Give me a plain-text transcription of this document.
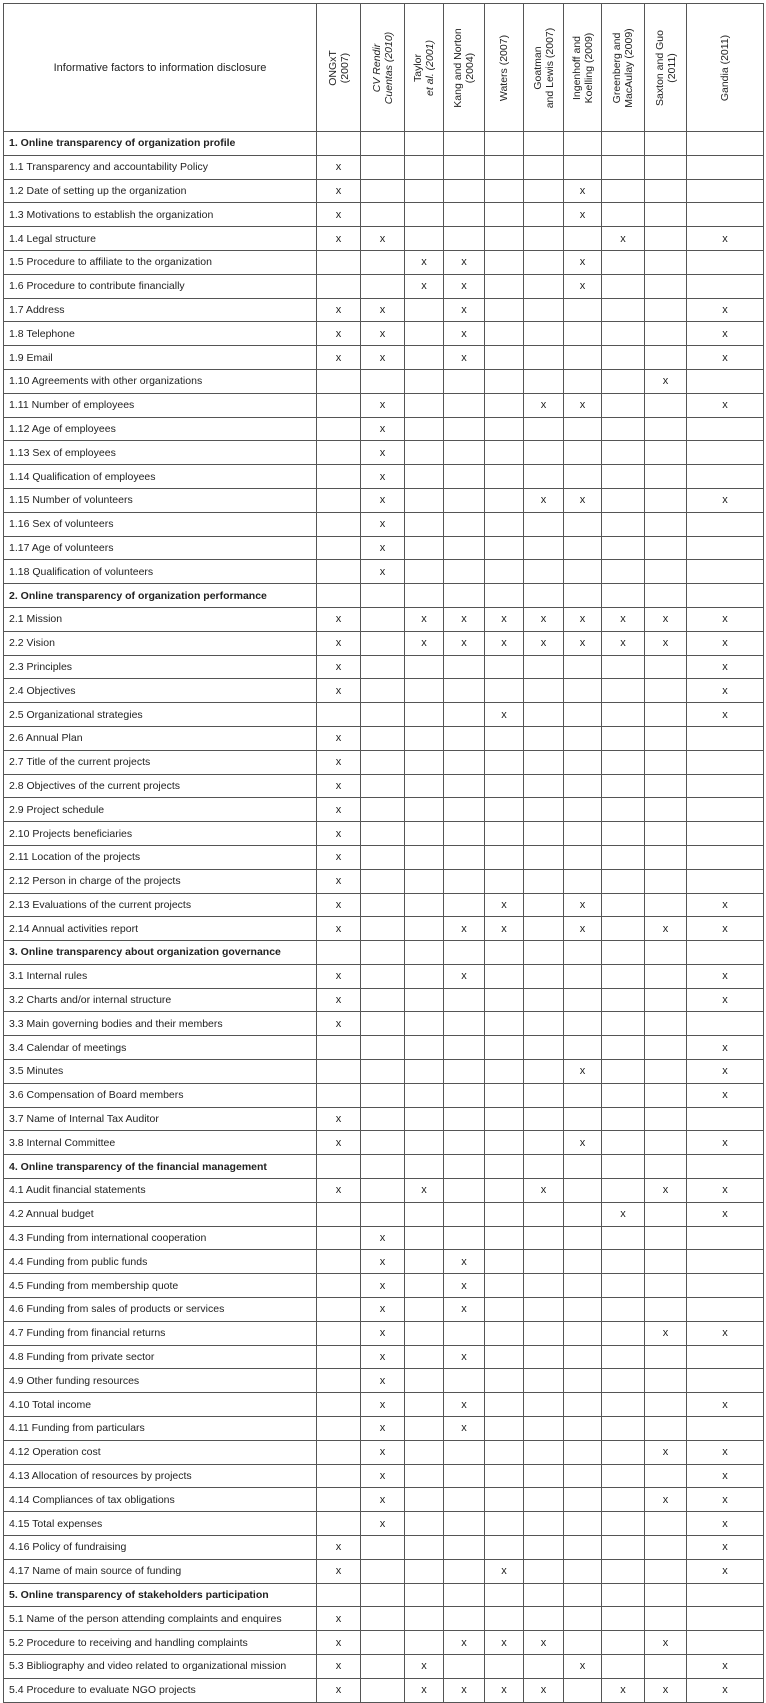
Informative factors to information disclosure	ONGxT (2007)	CV Rendir Cuentas (2010)	Taylor et al. (2001)	Kang and Norton (2004)	Waters (2007)	Goatman and Lewis (2007)	Ingenhoff and Koelling (2009)	Greenberg and MacAulay (2009)	Saxton and Guo (2011)	Gandia (2011)

1. Online transparency of organization profile										
1.1 Transparency and accountability Policy	x									
1.2 Date of setting up the organization	x						x			
1.3 Motivations to establish the organization	x						x			
1.4 Legal structure	x	x						x		x
1.5 Procedure to affiliate to the organization			x	x			x			
1.6 Procedure to contribute financially			x	x			x			
1.7 Address	x	x		x						x
1.8 Telephone	x	x		x						x
1.9 Email	x	x		x						x
1.10 Agreements with other organizations									x	
1.11 Number of employees		x				x	x			x
1.12 Age of employees		x								
1.13 Sex of employees		x								
1.14 Qualification of employees		x								
1.15 Number of volunteers		x				x	x			x
1.16 Sex of volunteers		x								
1.17 Age of volunteers		x								
1.18 Qualification of volunteers		x								
2. Online transparency of organization performance										
2.1 Mission	x		x	x	x	x	x	x	x	x
2.2 Vision	x		x	x	x	x	x	x	x	x
2.3 Principles	x									x
2.4 Objectives	x									x
2.5 Organizational strategies					x					x
2.6 Annual Plan	x									
2.7 Title of the current projects	x									
2.8 Objectives of the current projects	x									
2.9 Project schedule	x									
2.10 Projects beneficiaries	x									
2.11 Location of the projects	x									
2.12 Person in charge of the projects	x									
2.13 Evaluations of the current projects	x				x		x			x
2.14 Annual activities report	x			x	x		x		x	x
3. Online transparency about organization governance										
3.1 Internal rules	x			x						x
3.2 Charts and/or internal structure	x									x
3.3 Main governing bodies and their members	x									
3.4 Calendar of meetings										x
3.5 Minutes							x			x
3.6 Compensation of Board members										x
3.7 Name of Internal Tax Auditor	x									
3.8 Internal Committee	x						x			x
4. Online transparency of the financial management										
4.1 Audit financial statements	x		x			x			x	x
4.2 Annual budget								x		x
4.3 Funding from international cooperation		x								
4.4 Funding from public funds		x		x						
4.5 Funding from membership quote		x		x						
4.6 Funding from sales of products or services		x		x						
4.7 Funding from financial returns		x							x	x
4.8 Funding from private sector		x		x						
4.9 Other funding resources		x								
4.10 Total income		x		x						x
4.11 Funding from particulars		x		x						
4.12 Operation cost		x							x	x
4.13 Allocation of resources by projects		x								x
4.14 Compliances of tax obligations		x							x	x
4.15 Total expenses		x								x
4.16 Policy of fundraising	x									x
4.17 Name of main source of funding	x				x					x
5. Online transparency of stakeholders participation										
5.1 Name of the person attending complaints and enquires	x									
5.2 Procedure to receiving and handling complaints	x			x	x	x			x	
5.3 Bibliography and video related to organizational mission	x		x				x			x
5.4 Procedure to evaluate NGO projects	x		x	x	x	x		x	x	x
